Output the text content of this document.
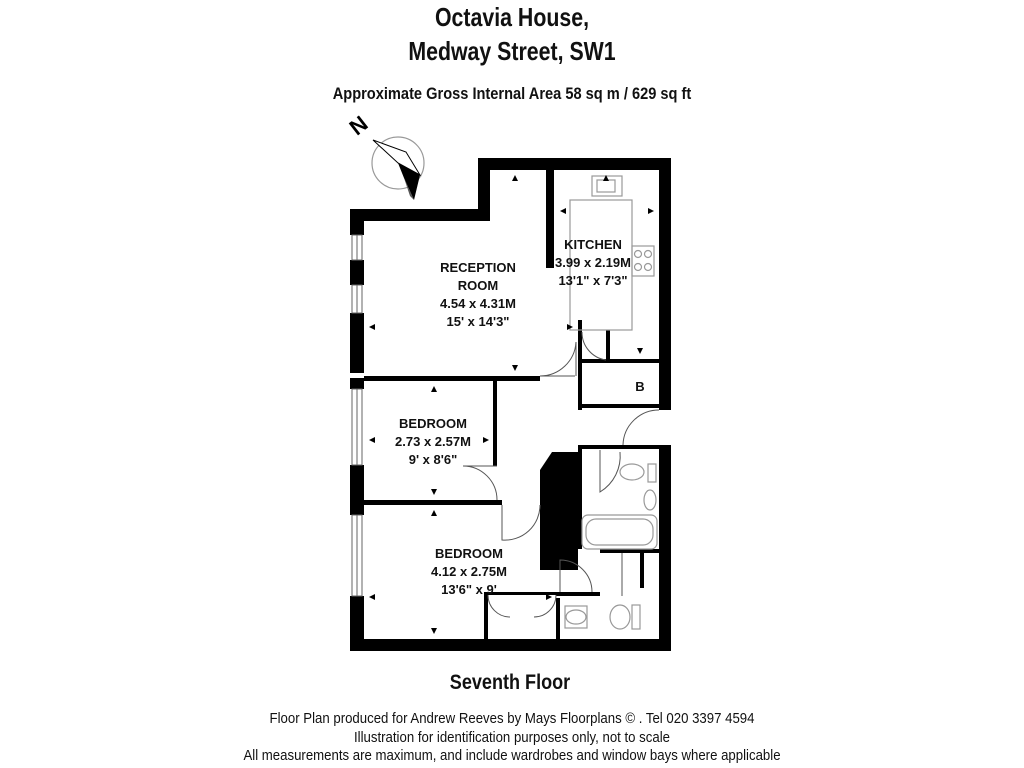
Octavia House,
Medway Street, SW1
Approximate Gross Internal Area 58 sq m / 629 sq ft
N
RECEPTION
ROOM
4.54 x 4.31M
15' x 14'3"
KITCHEN
3.99 x 2.19M
13'1" x 7'3"
BEDROOM
2.73 x 2.57M
9' x 8'6"
BEDROOM
4.12 x 2.75M
13'6" x 9'
B
Seventh Floor
Floor Plan produced for Andrew Reeves by Mays Floorplans © . Tel 020 3397 4594
Illustration for identification purposes only, not to scale
All measurements are maximum, and include wardrobes and window bays where applicable
